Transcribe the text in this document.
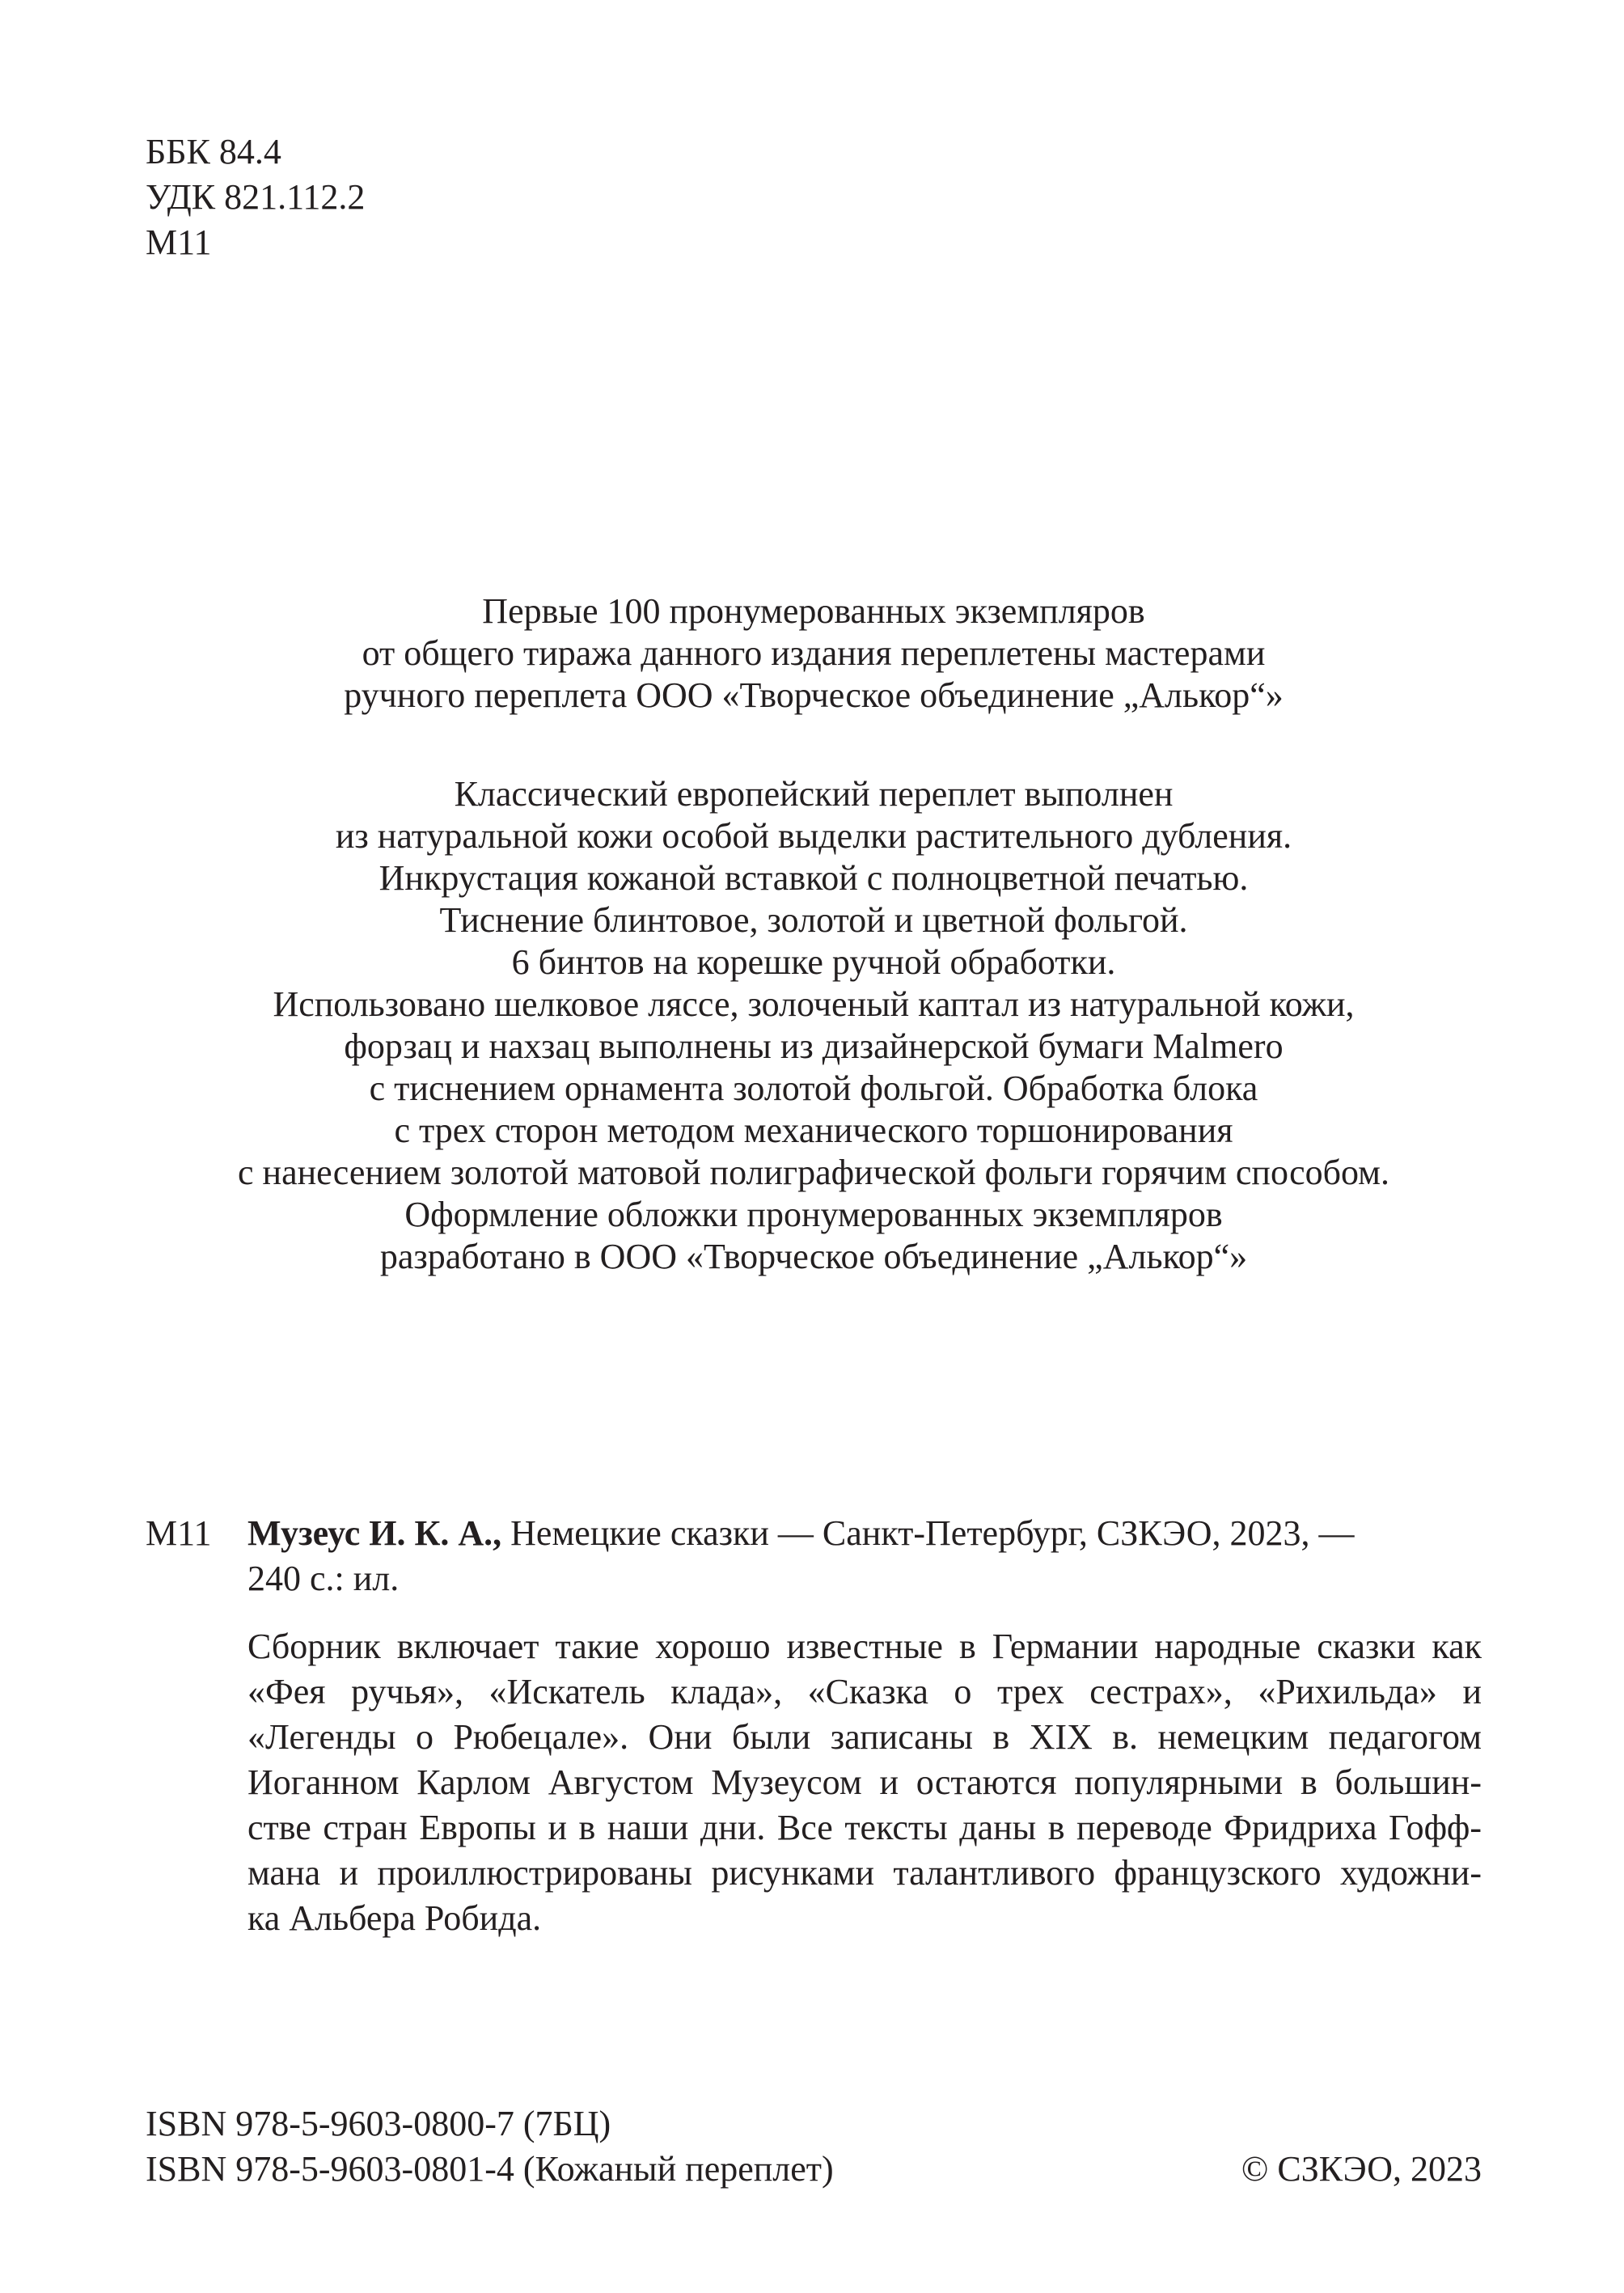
ББК 84.4
УДК 821.112.2
М11
Первые 100 пронумерованных экземпляров
от общего тиража данного издания переплетены мастерами
ручного переплета ООО «Творческое объединение „Алькор“»
Классический европейский переплет выполнен
из натуральной кожи особой выделки растительного дубления.
Инкрустация кожаной вставкой с полноцветной печатью.
Тиснение блинтовое, золотой и цветной фольгой.
6 бинтов на корешке ручной обработки.
Использовано шелковое ляссе, золоченый каптал из натуральной кожи,
форзац и нахзац выполнены из дизайнерской бумаги Malmero
с тиснением орнамента золотой фольгой. Обработка блока
с трех сторон методом механического торшонирования
с нанесением золотой матовой полиграфической фольги горячим способом.
Оформление обложки пронумерованных экземпляров
разработано в ООО «Творческое объединение „Алькор“»
М11 Музеус И. К. А., Немецкие сказки — Санкт-Петербург, СЗКЭО, 2023, —
240 с.: ил.
Сборник включает такие хорошо известные в Германии народные сказки как
«Фея ручья», «Искатель клада», «Сказка о трех сестрах», «Рихильда» и
«Легенды о Рюбецале». Они были записаны в XIX в. немецким педагогом
Иоганном Карлом Августом Музеусом и остаются популярными в большин-
стве стран Европы и в наши дни. Все тексты даны в переводе Фридриха Гофф-
мана и проиллюстрированы рисунками талантливого французского художни-
ка Альбера Робида.
ISBN 978-5-9603-0800-7 (7БЦ)
ISBN 978-5-9603-0801-4 (Кожаный переплет)	© СЗКЭО, 2023
